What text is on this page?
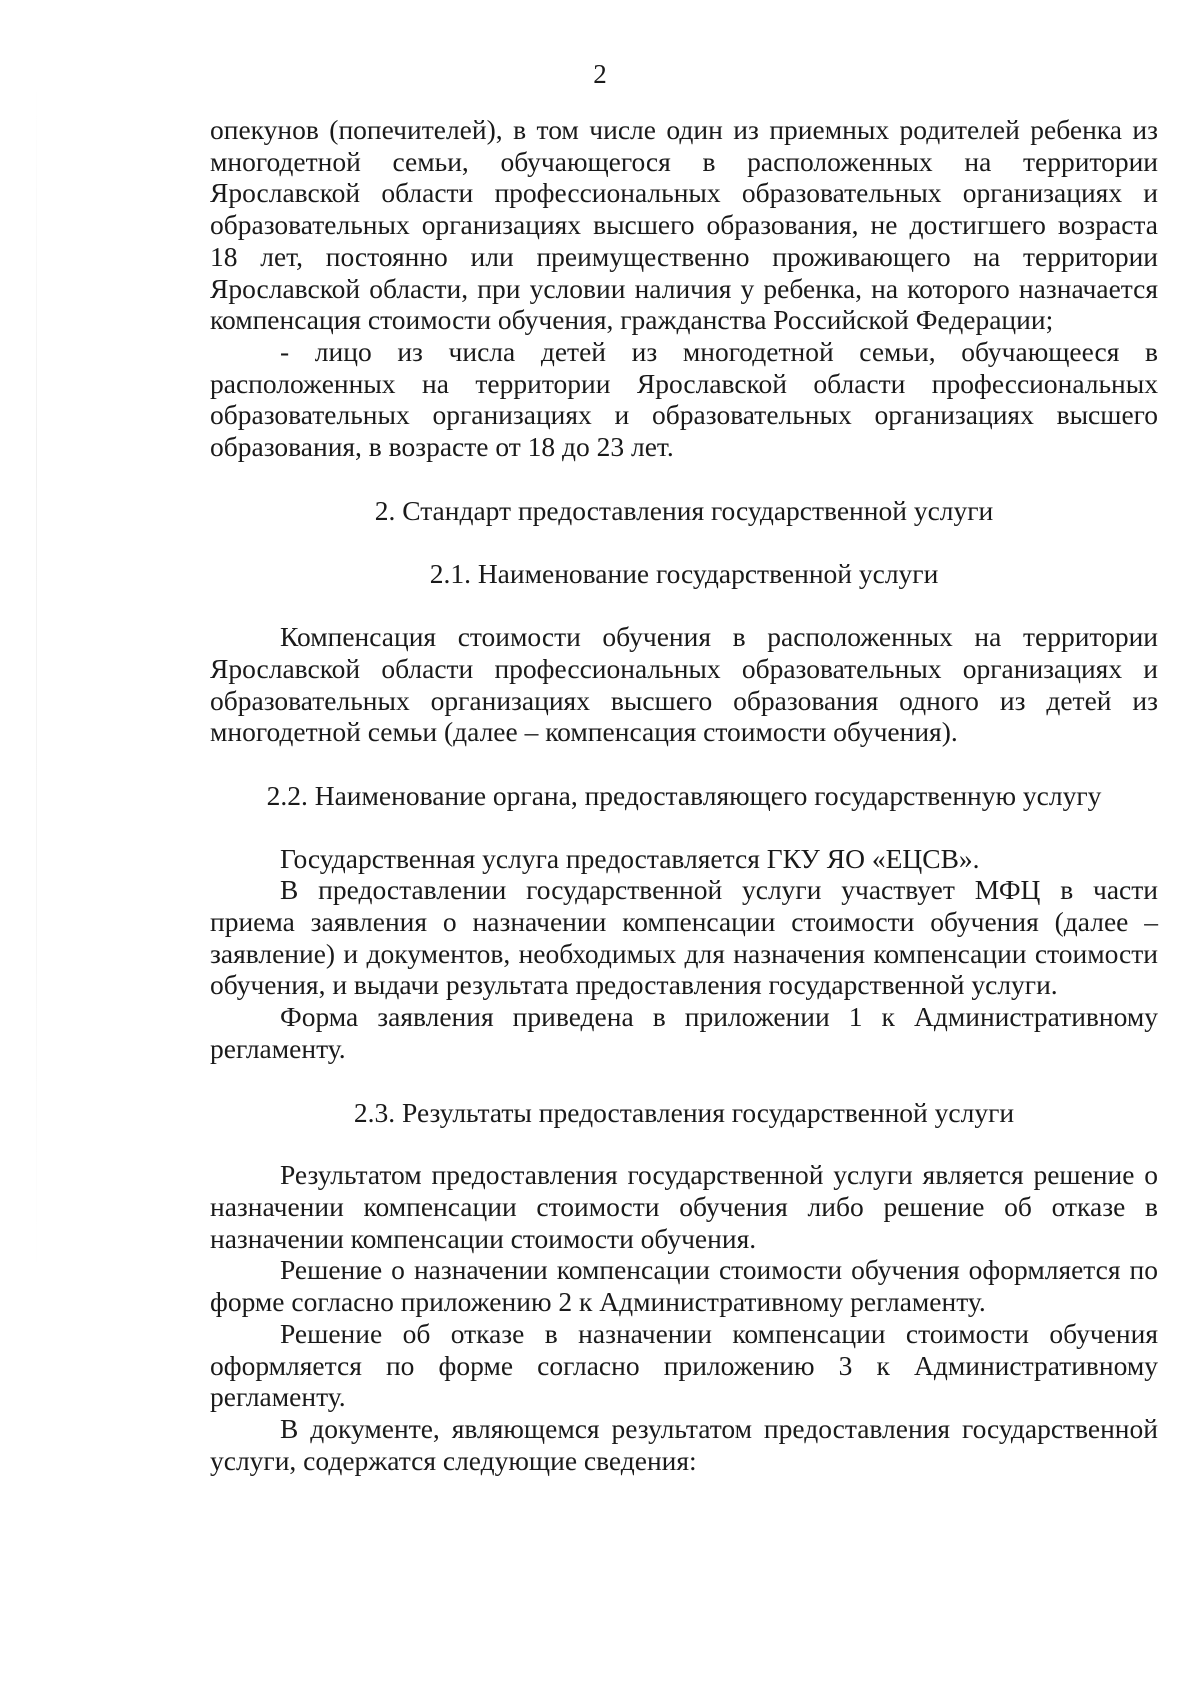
2

опекунов (попечителей), в том числе один из приемных родителей ребенка из многодетной семьи, обучающегося в расположенных на территории Ярославской области профессиональных образовательных организациях и образовательных организациях высшего образования, не достигшего возраста 18 лет, постоянно или преимущественно проживающего на территории Ярославской области, при условии наличия у ребенка, на которого назначается компенсация стоимости обучения, гражданства Российской Федерации;

- лицо из числа детей из многодетной семьи, обучающееся в расположенных на территории Ярославской области профессиональных образовательных организациях и образовательных организациях высшего образования, в возрасте от 18 до 23 лет.

2. Стандарт предоставления государственной услуги

2.1. Наименование государственной услуги

Компенсация стоимости обучения в расположенных на территории Ярославской области профессиональных образовательных организациях и образовательных организациях высшего образования одного из детей из многодетной семьи (далее – компенсация стоимости обучения).

2.2. Наименование органа, предоставляющего государственную услугу

Государственная услуга предоставляется ГКУ ЯО «ЕЦСВ».

В предоставлении государственной услуги участвует МФЦ в части приема заявления о назначении компенсации стоимости обучения (далее – заявление) и документов, необходимых для назначения компенсации стоимости обучения, и выдачи результата предоставления государственной услуги.

Форма заявления приведена в приложении 1 к Административному регламенту.

2.3. Результаты предоставления государственной услуги

Результатом предоставления государственной услуги является решение о назначении компенсации стоимости обучения либо решение об отказе в назначении компенсации стоимости обучения.

Решение о назначении компенсации стоимости обучения оформляется по форме согласно приложению 2 к Административному регламенту.

Решение об отказе в назначении компенсации стоимости обучения оформляется по форме согласно приложению 3 к Административному регламенту.

В документе, являющемся результатом предоставления государственной услуги, содержатся следующие сведения:
